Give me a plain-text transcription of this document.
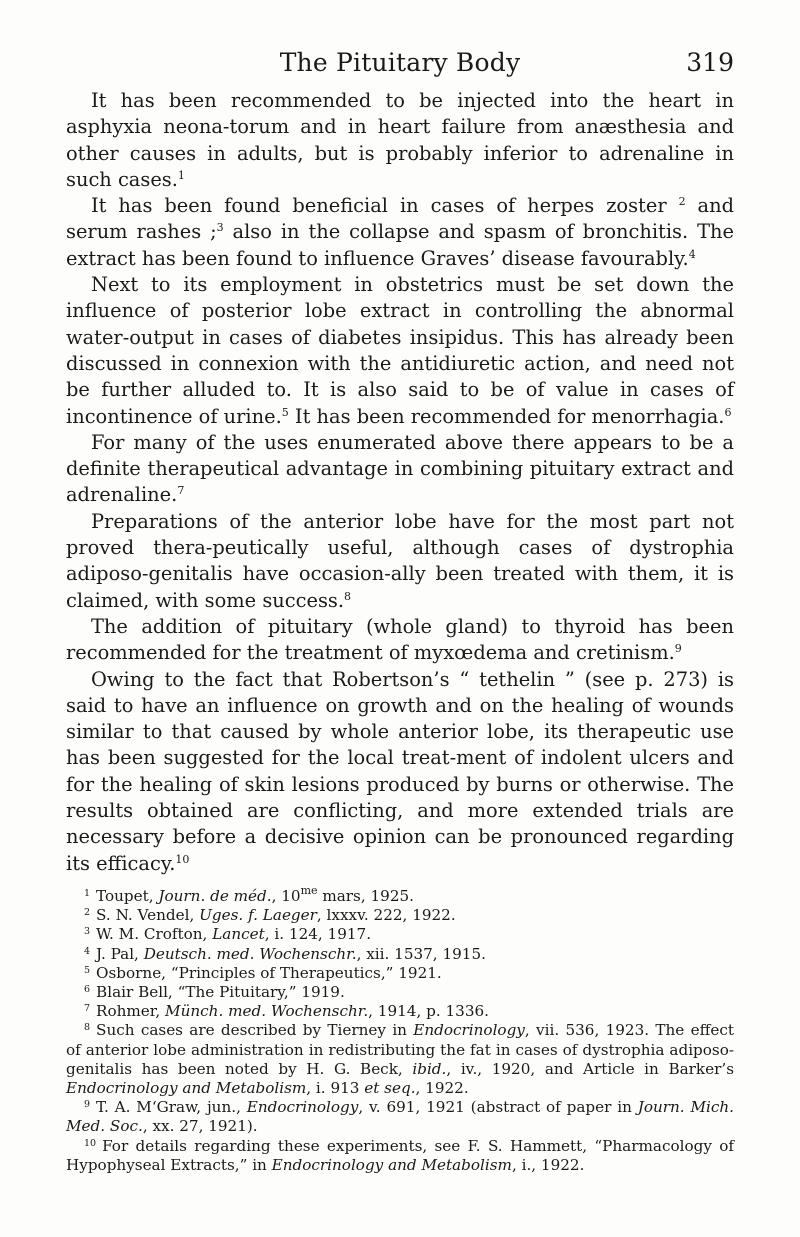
The Pituitary Body	319

It has been recommended to be injected into the heart in asphyxia neona-torum and in heart failure from anæsthesia and other causes in adults, but is probably inferior to adrenaline in such cases.$^1$

It has been found beneficial in cases of herpes zoster $^2$ and serum rashes ;$^3$ also in the collapse and spasm of bronchitis. The extract has been found to influence Graves’ disease favourably.$^4$

Next to its employment in obstetrics must be set down the influence of posterior lobe extract in controlling the abnormal water-output in cases of diabetes insipidus. This has already been discussed in connexion with the antidiuretic action, and need not be further alluded to. It is also said to be of value in cases of incontinence of urine.$^5$ It has been recommended for menorrhagia.$^6$

For many of the uses enumerated above there appears to be a definite therapeutical advantage in combining pituitary extract and adrenaline.$^7$

Preparations of the anterior lobe have for the most part not proved thera-peutically useful, although cases of dystrophia adiposo-genitalis have occasion-ally been treated with them, it is claimed, with some success.$^8$

The addition of pituitary (whole gland) to thyroid has been recommended for the treatment of myxœdema and cretinism.$^9$

Owing to the fact that Robertson’s “ tethelin ” (see p. 273) is said to have an influence on growth and on the healing of wounds similar to that caused by whole anterior lobe, its therapeutic use has been suggested for the local treat-ment of indolent ulcers and for the healing of skin lesions produced by burns or otherwise. The results obtained are conflicting, and more extended trials are necessary before a decisive opinion can be pronounced regarding its efficacy.$^{10}$

$^1$ Toupet, Journ. de méd., $10^{me}$ mars, 1925.

$^2$ S. N. Vendel, Uges. f. Laeger, lxxxv. 222, 1922.

$^3$ W. M. Crofton, Lancet, i. 124, 1917.

$^4$ J. Pal, Deutsch. med. Wochenschr., xii. 1537, 1915.

$^5$ Osborne, “Principles of Therapeutics,” 1921.

$^6$ Blair Bell, “The Pituitary,” 1919.

$^7$ Rohmer, Münch. med. Wochenschr., 1914, p. 1336.

$^8$ Such cases are described by Tierney in Endocrinology, vii. 536, 1923. The effect of anterior lobe administration in redistributing the fat in cases of dystrophia adiposo-genitalis has been noted by H. G. Beck, ibid., iv., 1920, and Article in Barker’s Endocrinology and Metabolism, i. 913 et seq., 1922.

$^9$ T. A. M‘Graw, jun., Endocrinology, v. 691, 1921 (abstract of paper in Journ. Mich. Med. Soc., xx. 27, 1921).

$^{10}$ For details regarding these experiments, see F. S. Hammett, “Pharmacology of Hypophyseal Extracts,” in Endocrinology and Metabolism, i., 1922.
